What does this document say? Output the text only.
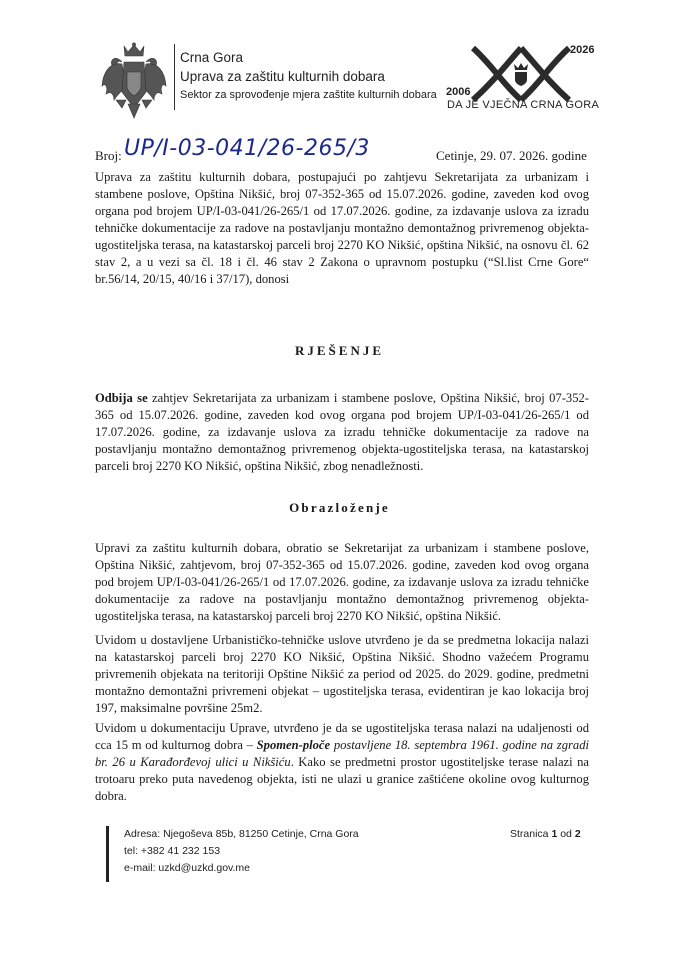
Crna Gora
Uprava za zaštitu kulturnih dobara
Sektor za sprovođenje mjera zaštite kulturnih dobara
2026
2006
DA JE VJEČNA CRNA GORA
Broj: UP/I-03-041/26-265/3	Cetinje, 29. 07. 2026. godine

Uprava za zaštitu kulturnih dobara, postupajući po zahtjevu Sekretarijata za urbanizam i stambene poslove, Opština Nikšić, broj 07-352-365 od 15.07.2026. godine, zaveden kod ovog organa pod brojem UP/I-03-041/26-265/1 od 17.07.2026. godine, za izdavanje uslova za izradu tehničke dokumentacije za radove na postavljanju montažno demontažnog privremenog objekta-ugostiteljska terasa, na katastarskoj parceli broj 2270 KO Nikšić, opština Nikšić, na osnovu čl. 62 stav 2, a u vezi sa čl. 18 i čl. 46 stav 2 Zakona o upravnom postupku (“Sl.list Crne Gore“ br.56/14, 20/15, 40/16 i 37/17), donosi

RJEŠENJE

Odbija se zahtjev Sekretarijata za urbanizam i stambene poslove, Opština Nikšić, broj 07-352-365 od 15.07.2026. godine, zaveden kod ovog organa pod brojem UP/I-03-041/26-265/1 od 17.07.2026. godine, za izdavanje uslova za izradu tehničke dokumentacije za radove na postavljanju montažno demontažnog privremenog objekta-ugostiteljska terasa, na katastarskoj parceli broj 2270 KO Nikšić, opština Nikšić, zbog nenadležnosti.

Obrazloženje

Upravi za zaštitu kulturnih dobara, obratio se Sekretarijat za urbanizam i stambene poslove, Opština Nikšić, zahtjevom, broj 07-352-365 od 15.07.2026. godine, zaveden kod ovog organa pod brojem UP/I-03-041/26-265/1 od 17.07.2026. godine, za izdavanje uslova za izradu tehničke dokumentacije za radove na postavljanju montažno demontažnog privremenog objekta-ugostiteljska terasa, na katastarskoj parceli broj 2270 KO Nikšić, opština Nikšić.

Uvidom u dostavljene Urbanističko-tehničke uslove utvrđeno je da se predmetna lokacija nalazi na katastarskoj parceli broj 2270 KO Nikšić, Opština Nikšić. Shodno važećem Programu privremenih objekata na teritoriji Opštine Nikšić za period od 2025. do 2029. godine, predmetni montažno demontažni privremeni objekat – ugostiteljska terasa, evidentiran je kao lokacija broj 197, maksimalne površine 25m2.

Uvidom u dokumentaciju Uprave, utvrđeno je da se ugostiteljska terasa nalazi na udaljenosti od cca 15 m od kulturnog dobra – Spomen-ploče postavljene 18. septembra 1961. godine na zgradi br. 26 u Karađorđevoj ulici u Nikšiću. Kako se predmetni prostor ugostiteljske terase nalazi na trotoaru preko puta navedenog objekta, isti ne ulazi u granice zaštićene okoline ovog kulturnog dobra.

Adresa: Njegoševa 85b, 81250 Cetinje, Crna Gora
tel: +382 41 232 153
e-mail: uzkd@uzkd.gov.me
Stranica 1 od 2
